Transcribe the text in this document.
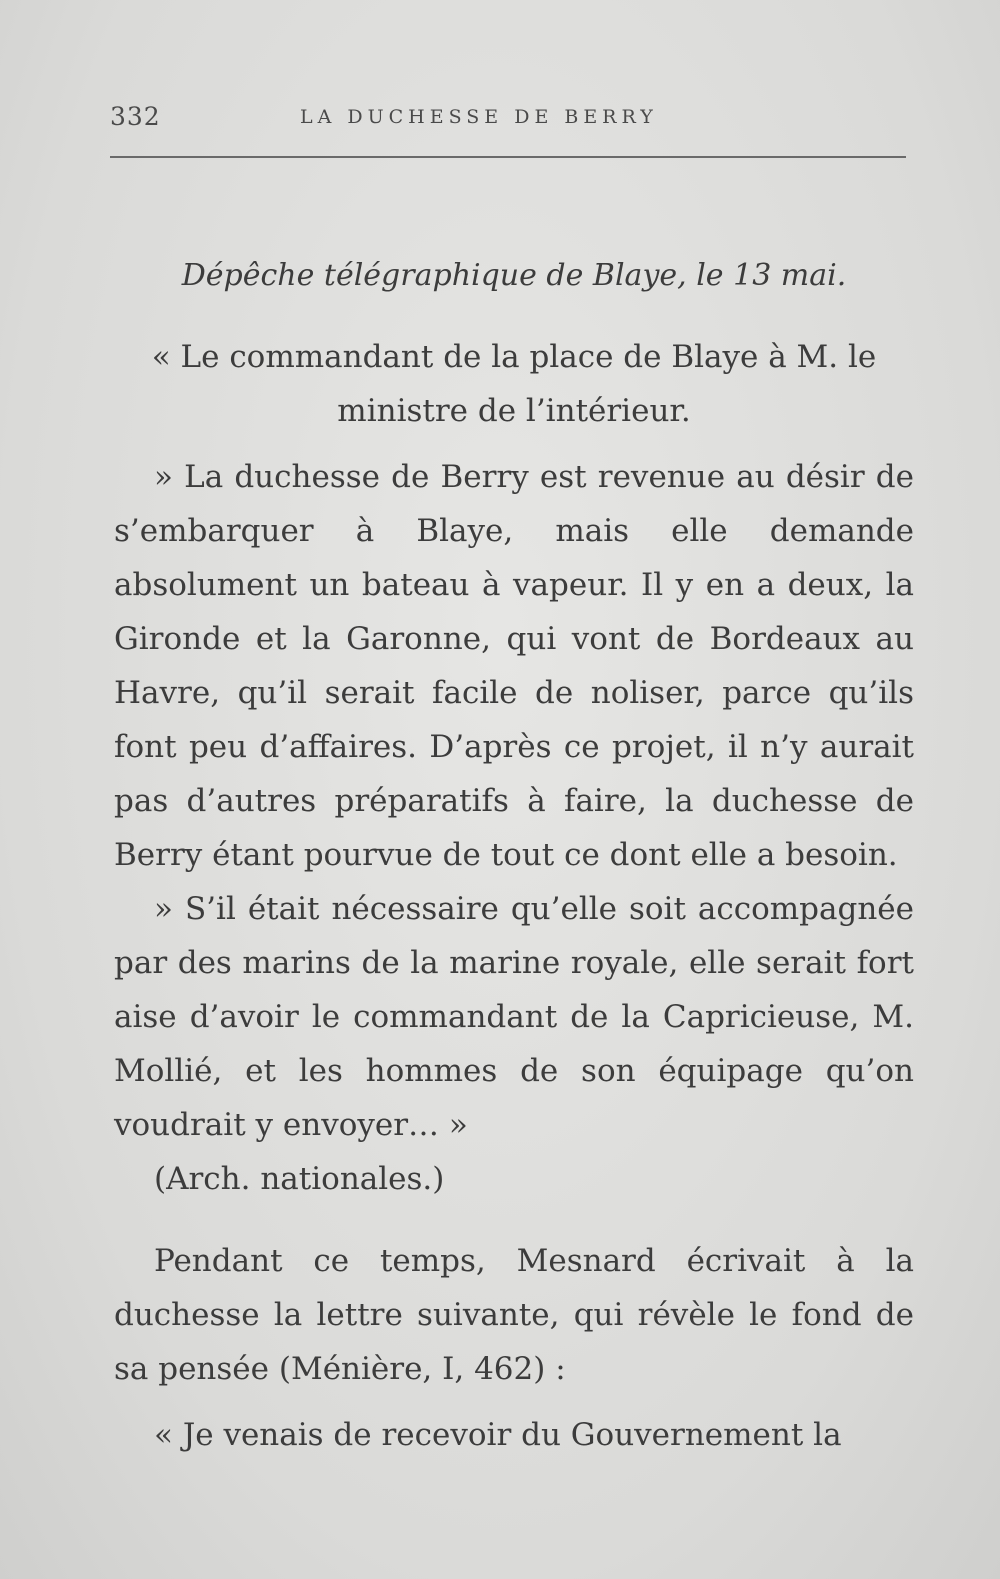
332	LA DUCHESSE DE BERRY
Dépêche télégraphique de Blaye, le 13 mai.

« Le commandant de la place de Blaye à M. le

ministre de l’intérieur.

» La duchesse de Berry est revenue au désir de s’embarquer à Blaye, mais elle demande absolument un bateau à vapeur. Il y en a deux, la Gironde et la Garonne, qui vont de Bordeaux au Havre, qu’il serait facile de noliser, parce qu’ils font peu d’affaires. D’après ce projet, il n’y aurait pas d’autres préparatifs à faire, la duchesse de Berry étant pourvue de tout ce dont elle a besoin.

» S’il était nécessaire qu’elle soit accompagnée par des marins de la marine royale, elle serait fort aise d’avoir le commandant de la Capricieuse, M. Mollié, et les hommes de son équipage qu’on voudrait y envoyer… »

(Arch. nationales.)

Pendant ce temps, Mesnard écrivait à la duchesse la lettre suivante, qui révèle le fond de sa pensée (Ménière, I, 462) :

« Je venais de recevoir du Gouvernement la
